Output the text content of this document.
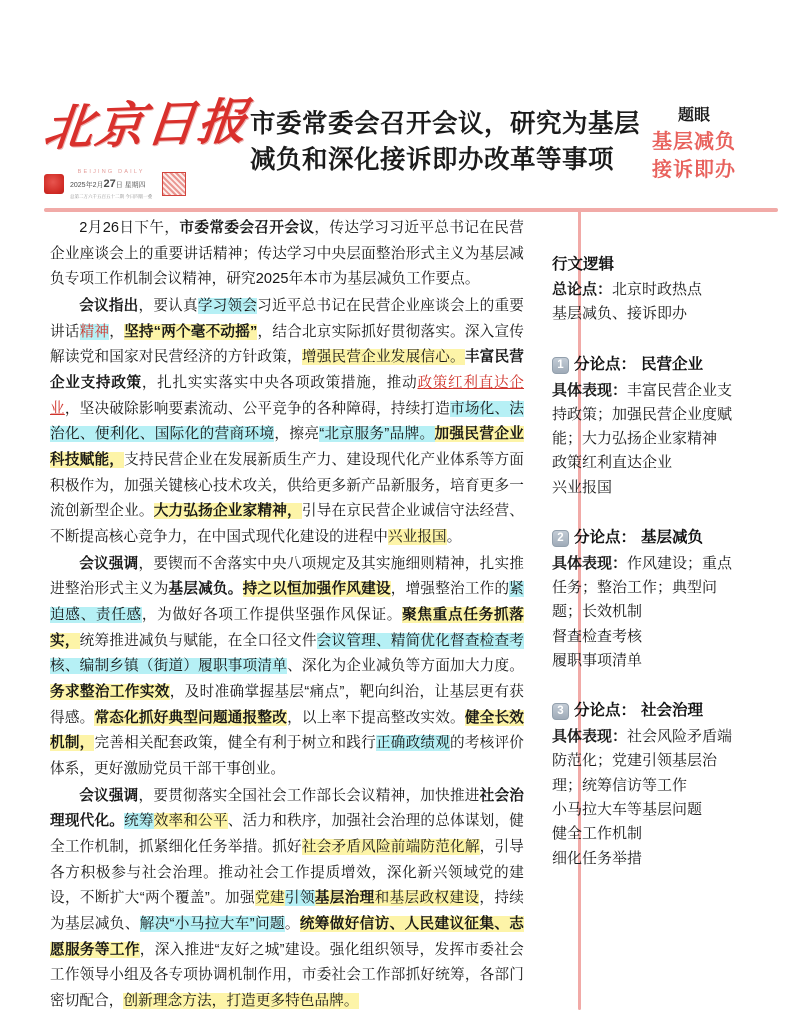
北京日报
BEIJING DAILY
2025年2月27日 星期四
总第二万六千五百五十二期 今日四版一叠
市委常委会召开会议，研究为基层
减负和深化接诉即办改革等事项
题眼
基层减负
接诉即办

2月26日下午，市委常委会召开会议，传达学习习近平总书记在民营企业座谈会上的重要讲话精神；传达学习中央层面整治形式主义为基层减负专项工作机制会议精神，研究2025年本市为基层减负工作要点。

会议指出，要认真学习领会习近平总书记在民营企业座谈会上的重要讲话精神，坚持“两个毫不动摇”，结合北京实际抓好贯彻落实。深入宣传解读党和国家对民营经济的方针政策，增强民营企业发展信心。丰富民营企业支持政策，扎扎实实落实中央各项政策措施，推动政策红利直达企业，坚决破除影响要素流动、公平竞争的各种障碍，持续打造市场化、法治化、便利化、国际化的营商环境，擦亮“北京服务”品牌。加强民营企业科技赋能，支持民营企业在发展新质生产力、建设现代化产业体系等方面积极作为，加强关键核心技术攻关，供给更多新产品新服务，培育更多一流创新型企业。大力弘扬企业家精神，引导在京民营企业诚信守法经营、不断提高核心竞争力，在中国式现代化建设的进程中兴业报国。

会议强调，要锲而不舍落实中央八项规定及其实施细则精神，扎实推进整治形式主义为基层减负。持之以恒加强作风建设，增强整治工作的紧迫感、责任感，为做好各项工作提供坚强作风保证。聚焦重点任务抓落实，统筹推进减负与赋能，在全口径文件会议管理、精简优化督查检查考核、编制乡镇（街道）履职事项清单、深化为企业减负等方面加大力度。务求整治工作实效，及时准确掌握基层“痛点”，靶向纠治，让基层更有获得感。常态化抓好典型问题通报整改，以上率下提高整改实效。健全长效机制，完善相关配套政策，健全有利于树立和践行正确政绩观的考核评价体系，更好激励党员干部干事创业。

会议强调，要贯彻落实全国社会工作部长会议精神，加快推进社会治理现代化。统筹效率和公平、活力和秩序，加强社会治理的总体谋划，健全工作机制，抓紧细化任务举措。抓好社会矛盾风险前端防范化解，引导各方积极参与社会治理。推动社会工作提质增效，深化新兴领域党的建设，不断扩大“两个覆盖”。加强党建引领基层治理和基层政权建设，持续为基层减负、解决“小马拉大车”问题。统筹做好信访、人民建议征集、志愿服务等工作，深入推进“友好之城”建设。强化组织领导，发挥市委社会工作领导小组及各专项协调机制作用，市委社会工作部抓好统筹，各部门密切配合，创新理念方法，打造更多特色品牌。

行文逻辑
总论点：北京时政热点
基层减负、接诉即办
1 分论点： 民营企业
具体表现：丰富民营企业支持政策；加强民营企业度赋能；大力弘扬企业家精神
政策红利直达企业
兴业报国
2 分论点： 基层减负
具体表现：作风建设；重点任务；整治工作；典型问题；长效机制
督查检查考核
履职事项清单
3 分论点： 社会治理
具体表现：社会风险矛盾端防范化；党建引领基层治理；统筹信访等工作
小马拉大车等基层问题
健全工作机制
细化任务举措
